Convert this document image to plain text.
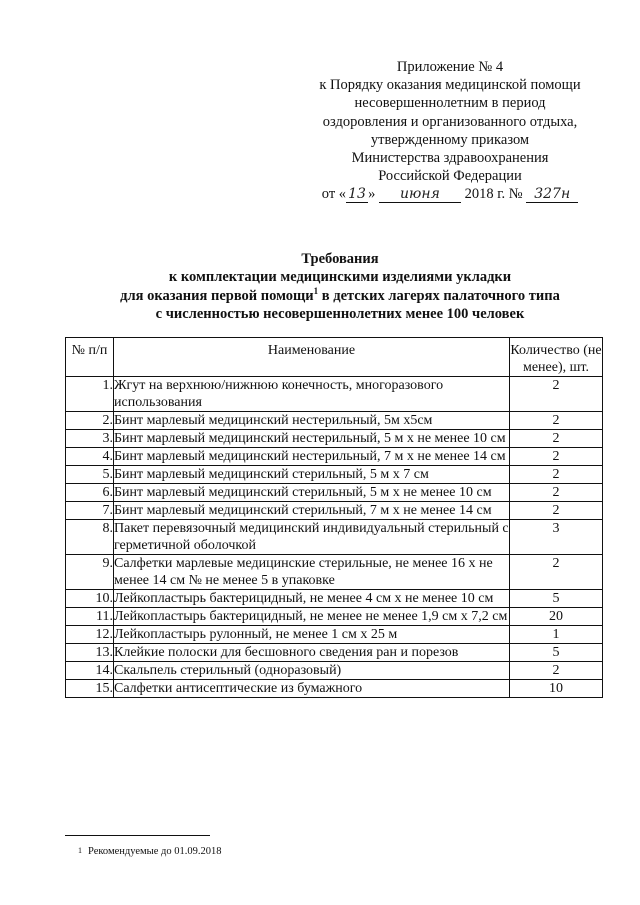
Приложение № 4
к Порядку оказания медицинской помощи
несовершеннолетним в период
оздоровления и организованного отдыха,
утвержденному приказом
Министерства здравоохранения
Российской Федерации
от « 13 » июня 2018 г. № 327н
Требования
к комплектации медицинскими изделиями укладки
для оказания первой помощи$^1$ в детских лагерях палаточного типа
с численностью несовершеннолетних менее 100 человек
№ п/п	Наименование	Количество (не менее), шт.
1.	Жгут на верхнюю/нижнюю конечность, многоразового использования	2
2.	Бинт марлевый медицинский нестерильный, 5м x5см	2
3.	Бинт марлевый медицинский нестерильный, 5 м х не менее 10 см	2
4.	Бинт марлевый медицинский нестерильный, 7 м х не менее 14 см	2
5.	Бинт марлевый медицинский стерильный, 5 м х 7 см	2
6.	Бинт марлевый медицинский стерильный, 5 м х не менее 10 см	2
7.	Бинт марлевый медицинский стерильный, 7 м х не менее 14 см	2
8.	Пакет перевязочный медицинский индивидуальный стерильный с герметичной оболочкой	3
9.	Салфетки марлевые медицинские стерильные, не менее 16 х не менее 14 см № не менее 5 в упаковке	2
10.	Лейкопластырь бактерицидный, не менее 4 см х не менее 10 см	5
11.	Лейкопластырь бактерицидный, не менее не менее 1,9 см х 7,2 см	20
12.	Лейкопластырь рулонный, не менее 1 см х 25 м	1
13.	Клейкие полоски для бесшовного сведения ран и порезов	5
14.	Скальпель стерильный (одноразовый)	2
15.	Салфетки антисептические из бумажного	10
$^1$ Рекомендуемые до 01.09.2018
